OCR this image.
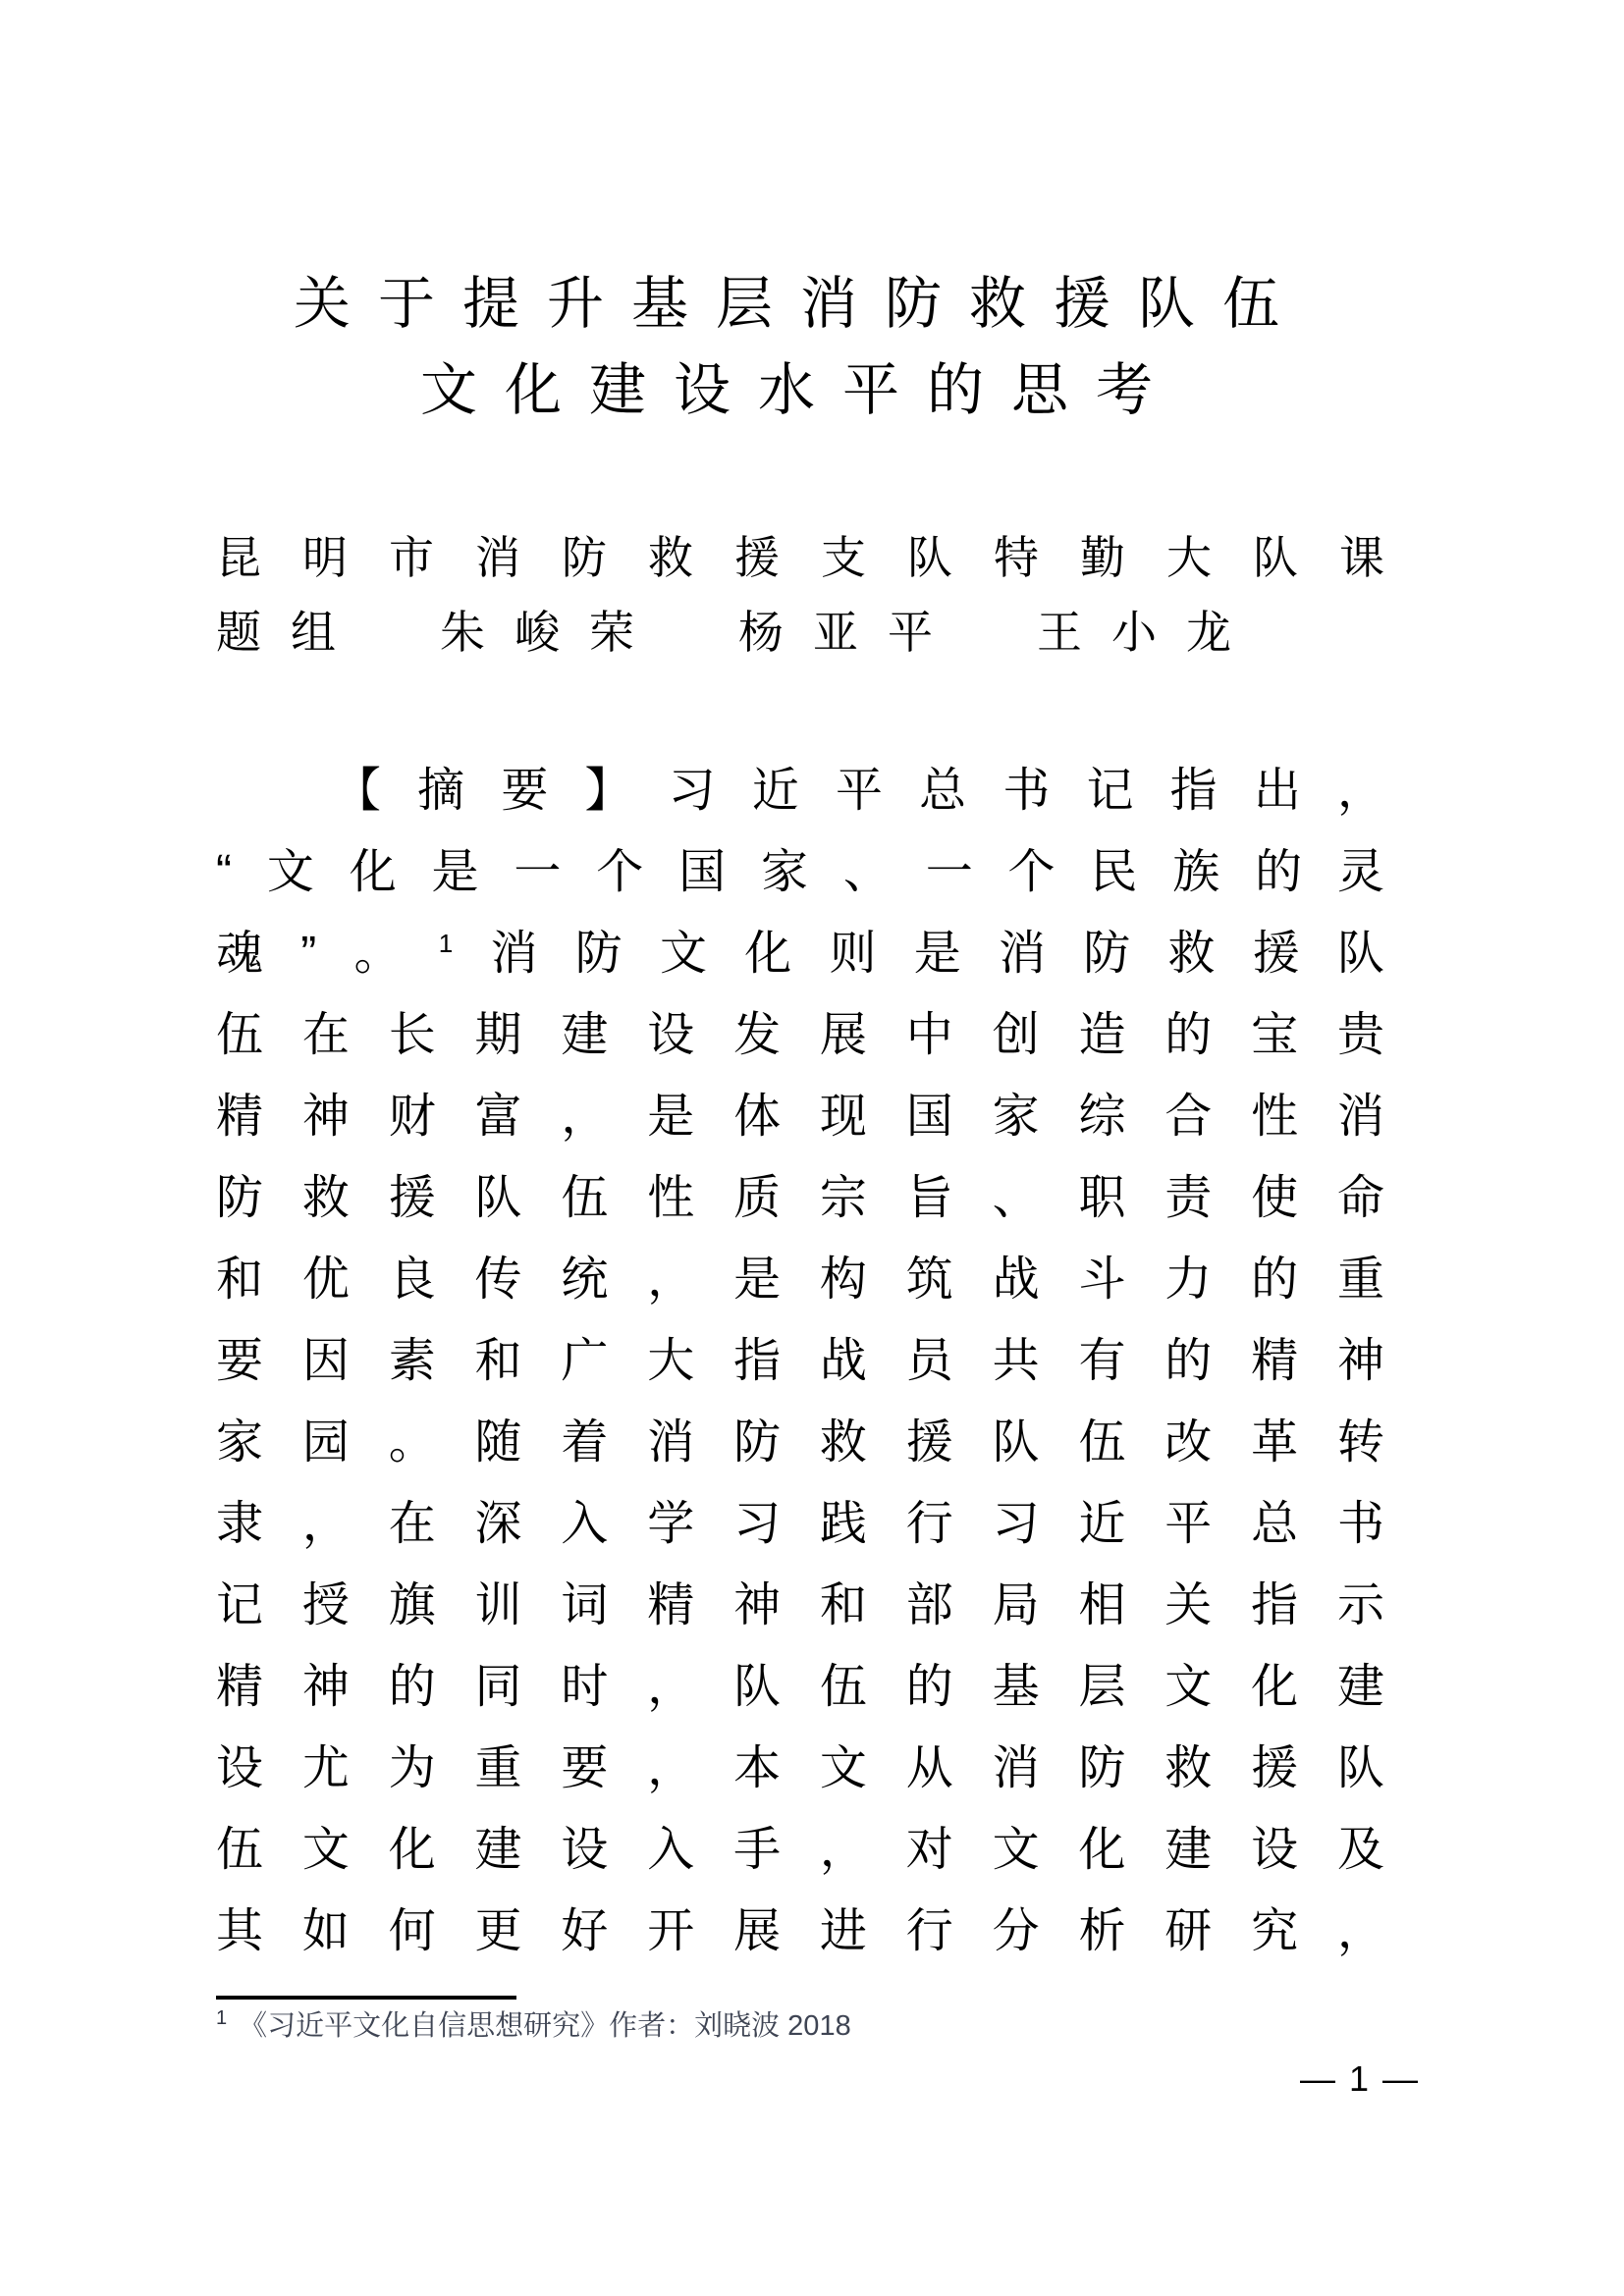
关于提升基层消防救援队伍
文化建设水平的思考
昆明市消防救援支队特勤大队课
题组　朱峻荣　杨亚平　王小龙
【摘要】习近平总书记指出，
“文化是一个国家、一个民族的灵
魂”。$^1$消防文化则是消防救援队
伍在长期建设发展中创造的宝贵
精神财富，是体现国家综合性消
防救援队伍性质宗旨、职责使命
和优良传统，是构筑战斗力的重
要因素和广大指战员共有的精神
家园。随着消防救援队伍改革转
隶，在深入学习践行习近平总书
记授旗训词精神和部局相关指示
精神的同时，队伍的基层文化建
设尤为重要，本文从消防救援队
伍文化建设入手，对文化建设及
其如何更好开展进行分析研究，
$^1$ 《习近平文化自信思想研究》作者：刘晓波 2018
— 1 —
